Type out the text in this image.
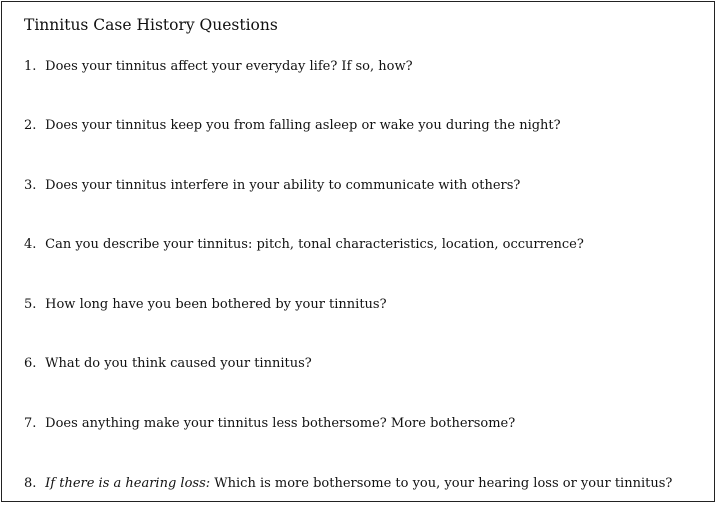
Tinnitus Case History Questions
1. Does your tinnitus affect your everyday life? If so, how?
2. Does your tinnitus keep you from falling asleep or wake you during the night?
3. Does your tinnitus interfere in your ability to communicate with others?
4. Can you describe your tinnitus: pitch, tonal characteristics, location, occurrence?
5. How long have you been bothered by your tinnitus?
6. What do you think caused your tinnitus?
7. Does anything make your tinnitus less bothersome? More bothersome?
8. If there is a hearing loss: Which is more bothersome to you, your hearing loss or your tinnitus?
